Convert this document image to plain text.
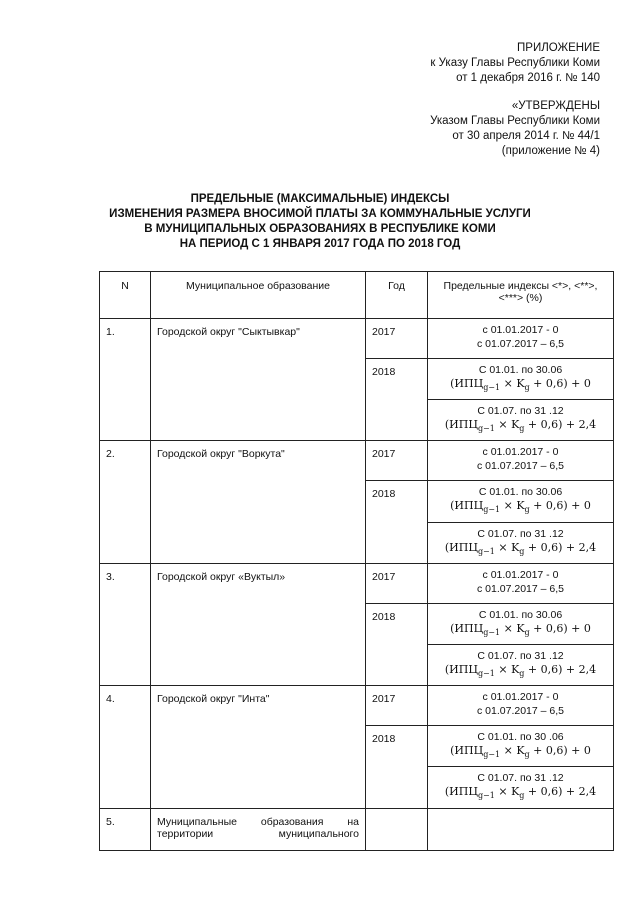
ПРИЛОЖЕНИЕ
к Указу Главы Республики Коми
от 1 декабря 2016 г. № 140
«УТВЕРЖДЕНЫ
Указом Главы Республики Коми
от 30 апреля 2014 г. № 44/1
(приложение № 4)
ПРЕДЕЛЬНЫЕ (МАКСИМАЛЬНЫЕ) ИНДЕКСЫ
ИЗМЕНЕНИЯ РАЗМЕРА ВНОСИМОЙ ПЛАТЫ ЗА КОММУНАЛЬНЫЕ УСЛУГИ
В МУНИЦИПАЛЬНЫХ ОБРАЗОВАНИЯХ В РЕСПУБЛИКЕ КОМИ
НА ПЕРИОД С 1 ЯНВАРЯ 2017 ГОДА ПО 2018 ГОД
N	Муниципальное образование	Год	Предельные индексы <*>, <**>, <***> (%)
1.	Городской округ "Сыктывкар"	2017	с 01.01.2017 - 0
с 01.07.2017 – 6,5

		2018	С 01.01. по 30.06
$(ИПЦ_{g-1} \times K_g + 0,6) + 0$

			С 01.07. по 31 .12
$(ИПЦ_{g-1} \times K_g + 0,6) + 2,4$
2.	Городской округ "Воркута"	2017	с 01.01.2017 - 0
с 01.07.2017 – 6,5

		2018	С 01.01. по 30.06
$(ИПЦ_{g-1} \times K_g + 0,6) + 0$

			С 01.07. по 31 .12
$(ИПЦ_{g-1} \times K_g + 0,6) + 2,4$
3.	Городской округ «Вуктыл»	2017	с 01.01.2017 - 0
с 01.07.2017 – 6,5

		2018	С 01.01. по 30.06
$(ИПЦ_{g-1} \times K_g + 0,6) + 0$

			С 01.07. по 31 .12
$(ИПЦ_{g-1} \times K_g + 0,6) + 2,4$
4.	Городской округ "Инта"	2017	с 01.01.2017 - 0
с 01.07.2017 – 6,5

		2018	С 01.01. по 30 .06
$(ИПЦ_{g-1} \times K_g + 0,6) + 0$

			С 01.07. по 31 .12
$(ИПЦ_{g-1} \times K_g + 0,6) + 2,4$
5.	Муниципальные образования на
территории муниципального		
